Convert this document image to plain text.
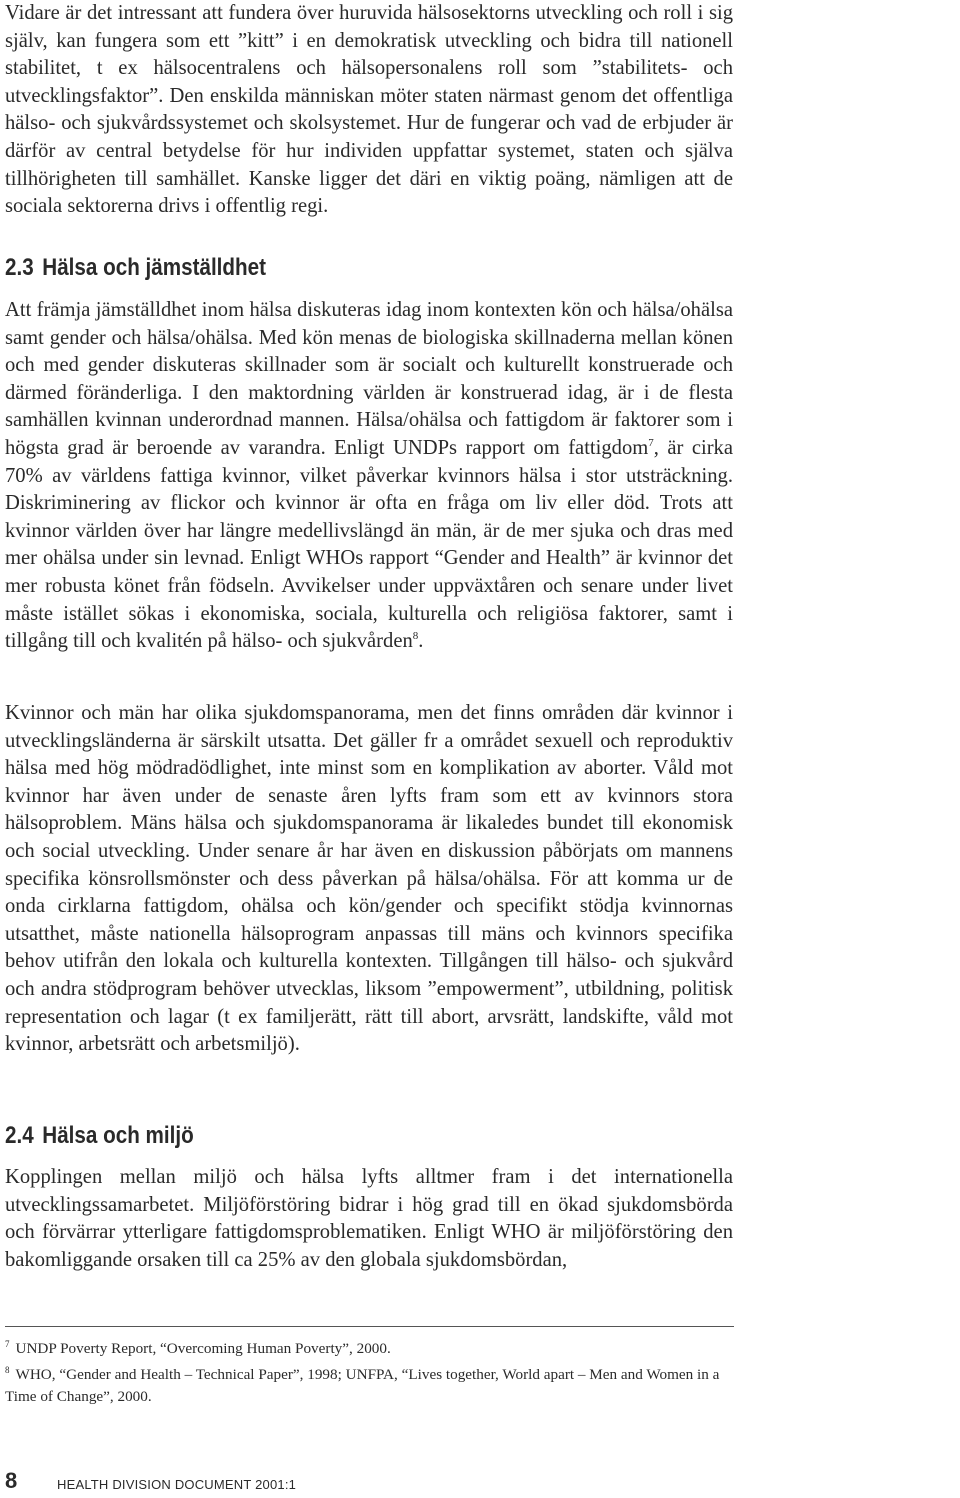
Vidare är det intressant att fundera över huruvida hälsosektorns utveckling och roll i sig själv, kan fungera som ett ”kitt” i en demokratisk utveckling och bidra till nationell stabilitet, t ex hälsocentralens och hälsopersonalens roll som ”stabilitets- och utvecklingsfaktor”. Den enskilda människan möter staten närmast genom det offentliga hälso- och sjukvårdssystemet och skolsystemet. Hur de fungerar och vad de erbjuder är därför av central betydelse för hur individen uppfattar systemet, staten och själva tillhörigheten till samhället. Kanske ligger det däri en viktig poäng, nämligen att de sociala sektorerna drivs i offentlig regi.

2.3 Hälsa och jämställdhet

Att främja jämställdhet inom hälsa diskuteras idag inom kontexten kön och hälsa/ohälsa samt gender och hälsa/ohälsa. Med kön menas de biologiska skillnaderna mellan könen och med gender diskuteras skillnader som är socialt och kulturellt konstruerade och därmed föränderliga. I den maktordning världen är konstruerad idag, är i de flesta samhällen kvinnan underordnad mannen. Hälsa/ohälsa och fattigdom är faktorer som i högsta grad är beroende av varandra. Enligt UNDPs rapport om fattigdom$^7$, är cirka 70% av världens fattiga kvinnor, vilket påverkar kvinnors hälsa i stor utsträckning. Diskriminering av flickor och kvinnor är ofta en fråga om liv eller död. Trots att kvinnor världen över har längre medellivslängd än män, är de mer sjuka och dras med mer ohälsa under sin levnad. Enligt WHOs rapport “Gender and Health” är kvinnor det mer robusta könet från födseln. Avvikelser under uppväxtåren och senare under livet måste istället sökas i ekonomiska, sociala, kulturella och religiösa faktorer, samt i tillgång till och kvalitén på hälso- och sjukvården$^8$.

Kvinnor och män har olika sjukdomspanorama, men det finns områden där kvinnor i utvecklingsländerna är särskilt utsatta. Det gäller fr a området sexuell och reproduktiv hälsa med hög mödradödlighet, inte minst som en komplikation av aborter. Våld mot kvinnor har även under de senaste åren lyfts fram som ett av kvinnors stora hälsoproblem. Mäns hälsa och sjukdomspanorama är likaledes bundet till ekonomisk och social utveckling. Under senare år har även en diskussion påbörjats om mannens specifika könsrollsmönster och dess påverkan på hälsa/ohälsa. För att komma ur de onda cirklarna fattigdom, ohälsa och kön/gender och specifikt stödja kvinnornas utsatthet, måste nationella hälsoprogram anpassas till mäns och kvinnors specifika behov utifrån den lokala och kulturella kontexten. Tillgången till hälso- och sjukvård och andra stödprogram behöver utvecklas, liksom ”empowerment”, utbildning, politisk representation och lagar (t ex familjerätt, rätt till abort, arvsrätt, landskifte, våld mot kvinnor, arbetsrätt och arbetsmiljö).

2.4 Hälsa och miljö

Kopplingen mellan miljö och hälsa lyfts alltmer fram i det internationella utvecklingssamarbetet. Miljöförstöring bidrar i hög grad till en ökad sjukdomsbörda och förvärrar ytterligare fattigdomsproblematiken. Enligt WHO är miljöförstöring den bakomliggande orsaken till ca 25% av den globala sjukdomsbördan,

$^7$ UNDP Poverty Report, “Overcoming Human Poverty”, 2000.

$^8$ WHO, “Gender and Health – Technical Paper”, 1998; UNFPA, “Lives together, World apart – Men and Women in a Time of Change”, 2000.

8	HEALTH DIVISION DOCUMENT 2001:1
